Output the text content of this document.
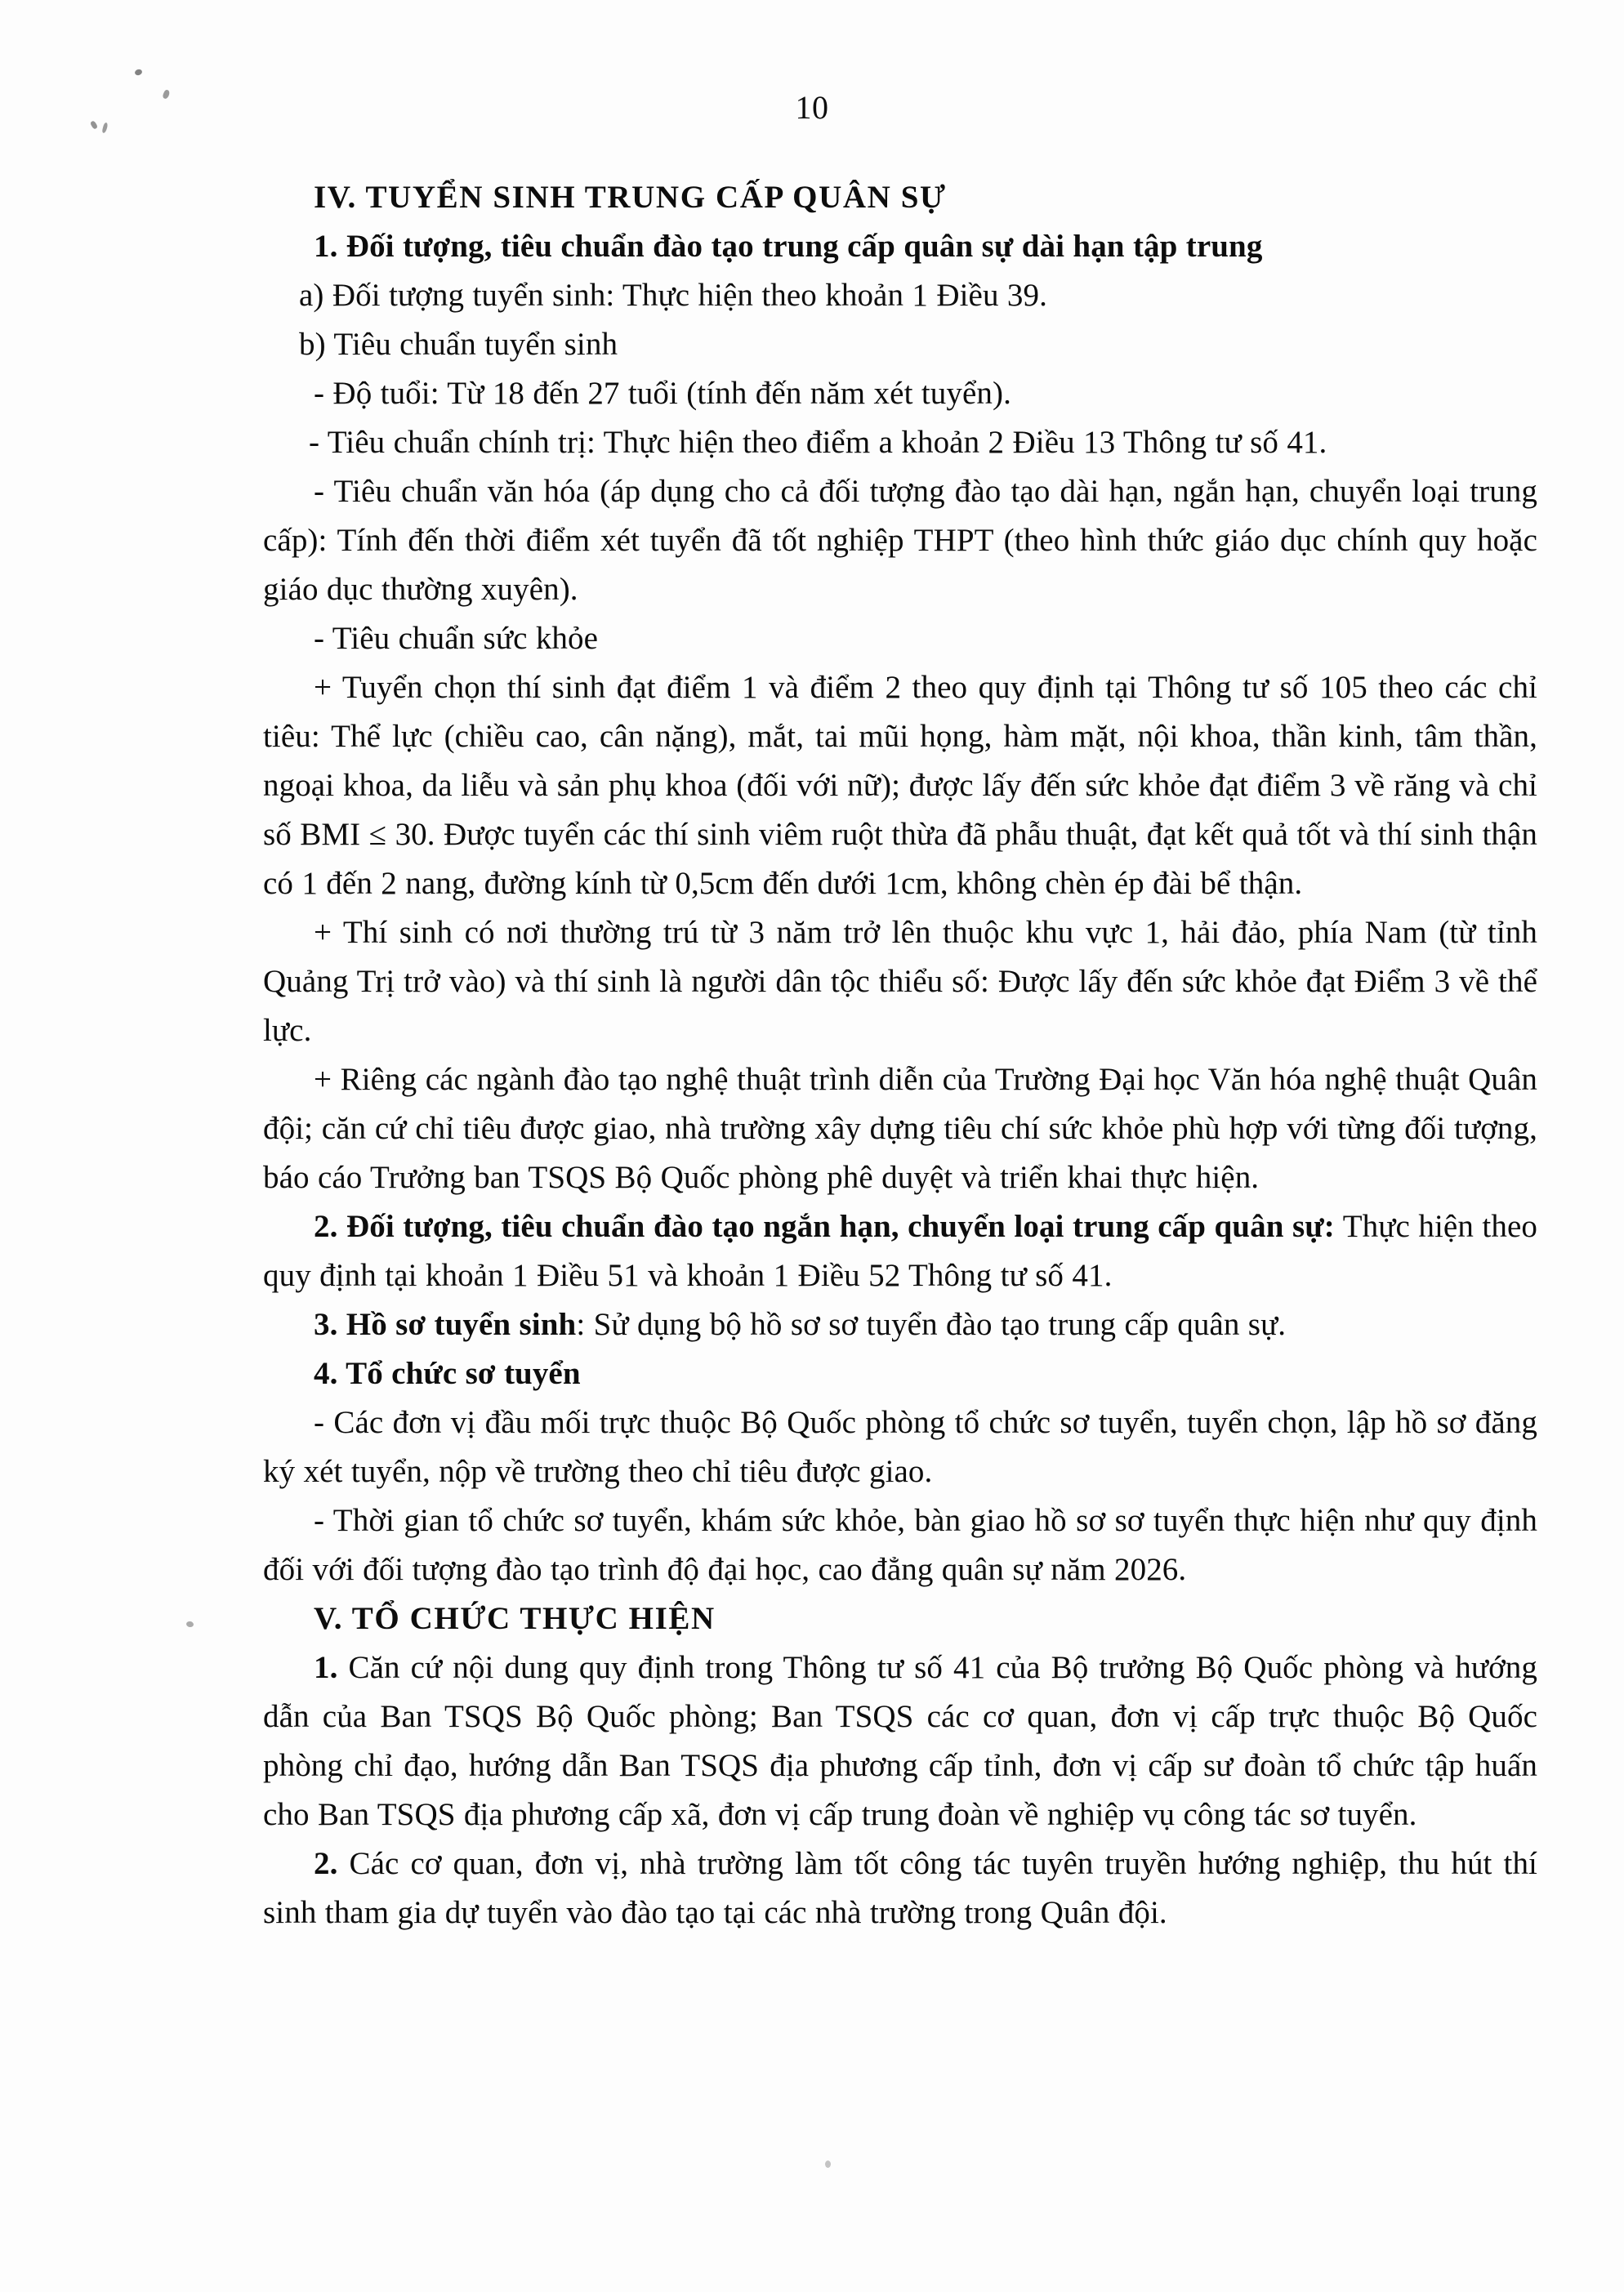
10

IV. TUYỂN SINH TRUNG CẤP QUÂN SỰ

1. Đối tượng, tiêu chuẩn đào tạo trung cấp quân sự dài hạn tập trung

a) Đối tượng tuyển sinh: Thực hiện theo khoản 1 Điều 39.

b) Tiêu chuẩn tuyển sinh

- Độ tuổi: Từ 18 đến 27 tuổi (tính đến năm xét tuyển).

- Tiêu chuẩn chính trị: Thực hiện theo điểm a khoản 2 Điều 13 Thông tư số 41.

- Tiêu chuẩn văn hóa (áp dụng cho cả đối tượng đào tạo dài hạn, ngắn hạn, chuyển loại trung cấp): Tính đến thời điểm xét tuyển đã tốt nghiệp THPT (theo hình thức giáo dục chính quy hoặc giáo dục thường xuyên).

- Tiêu chuẩn sức khỏe

+ Tuyển chọn thí sinh đạt điểm 1 và điểm 2 theo quy định tại Thông tư số 105 theo các chỉ tiêu: Thể lực (chiều cao, cân nặng), mắt, tai mũi họng, hàm mặt, nội khoa, thần kinh, tâm thần, ngoại khoa, da liễu và sản phụ khoa (đối với nữ); được lấy đến sức khỏe đạt điểm 3 về răng và chỉ số BMI ≤ 30. Được tuyển các thí sinh viêm ruột thừa đã phẫu thuật, đạt kết quả tốt và thí sinh thận có 1 đến 2 nang, đường kính từ 0,5cm đến dưới 1cm, không chèn ép đài bể thận.

+ Thí sinh có nơi thường trú từ 3 năm trở lên thuộc khu vực 1, hải đảo, phía Nam (từ tỉnh Quảng Trị trở vào) và thí sinh là người dân tộc thiểu số: Được lấy đến sức khỏe đạt Điểm 3 về thể lực.

+ Riêng các ngành đào tạo nghệ thuật trình diễn của Trường Đại học Văn hóa nghệ thuật Quân đội; căn cứ chỉ tiêu được giao, nhà trường xây dựng tiêu chí sức khỏe phù hợp với từng đối tượng, báo cáo Trưởng ban TSQS Bộ Quốc phòng phê duyệt và triển khai thực hiện.

2. Đối tượng, tiêu chuẩn đào tạo ngắn hạn, chuyển loại trung cấp quân sự: Thực hiện theo quy định tại khoản 1 Điều 51 và khoản 1 Điều 52 Thông tư số 41.

3. Hồ sơ tuyển sinh: Sử dụng bộ hồ sơ sơ tuyển đào tạo trung cấp quân sự.

4. Tổ chức sơ tuyển

- Các đơn vị đầu mối trực thuộc Bộ Quốc phòng tổ chức sơ tuyển, tuyển chọn, lập hồ sơ đăng ký xét tuyển, nộp về trường theo chỉ tiêu được giao.

- Thời gian tổ chức sơ tuyển, khám sức khỏe, bàn giao hồ sơ sơ tuyển thực hiện như quy định đối với đối tượng đào tạo trình độ đại học, cao đẳng quân sự năm 2026.

V. TỔ CHỨC THỰC HIỆN

1. Căn cứ nội dung quy định trong Thông tư số 41 của Bộ trưởng Bộ Quốc phòng và hướng dẫn của Ban TSQS Bộ Quốc phòng; Ban TSQS các cơ quan, đơn vị cấp trực thuộc Bộ Quốc phòng chỉ đạo, hướng dẫn Ban TSQS địa phương cấp tỉnh, đơn vị cấp sư đoàn tổ chức tập huấn cho Ban TSQS địa phương cấp xã, đơn vị cấp trung đoàn về nghiệp vụ công tác sơ tuyển.

2. Các cơ quan, đơn vị, nhà trường làm tốt công tác tuyên truyền hướng nghiệp, thu hút thí sinh tham gia dự tuyển vào đào tạo tại các nhà trường trong Quân đội.
